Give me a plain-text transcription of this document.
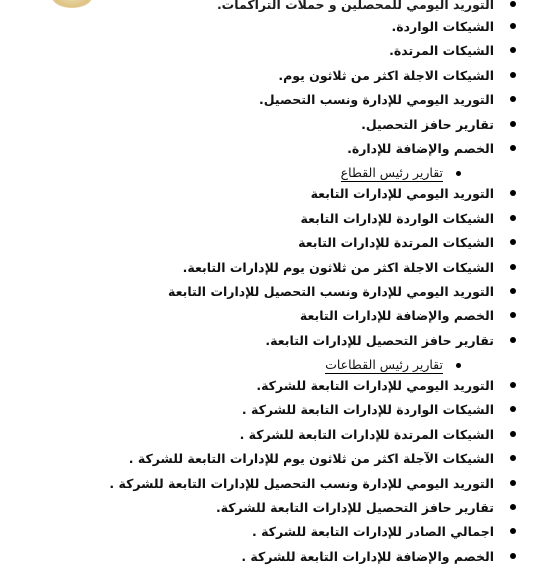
التوريد اليومي للمحصلين و حملات التراكمات.
الشيكات الواردة.
الشيكات المرتدة.
الشيكات الاجلة اكثر من ثلاثون يوم.
التوريد اليومي للإدارة ونسب التحصيل.
تقارير حافز التحصيل.
الخصم والإضافة للإدارة.
تقارير رئيس القطاع
التوريد اليومي للإدارات التابعة
الشيكات الواردة للإدارات التابعة
الشيكات المرتدة للإدارات التابعة
الشيكات الاجلة اكثر من ثلاثون يوم للإدارات التابعة.
التوريد اليومي للإدارة ونسب التحصيل للإدارات التابعة
الخصم والإضافة للإدارات التابعة
تقارير حافز التحصيل للإدارات التابعة.
تقارير رئيس القطاعات
التوريد اليومي للإدارات التابعة للشركة.
الشيكات الواردة للإدارات التابعة للشركة .
الشيكات المرتدة للإدارات التابعة للشركة .
الشيكات الآجلة اكثر من ثلاثون يوم للإدارات التابعة للشركة .
التوريد اليومي للإدارة ونسب التحصيل للإدارات التابعة للشركة .
تقارير حافز التحصيل للإدارات التابعة للشركة.
اجمالي الصادر للإدارات التابعة للشركة .
الخصم والإضافة للإدارات التابعة للشركة .
